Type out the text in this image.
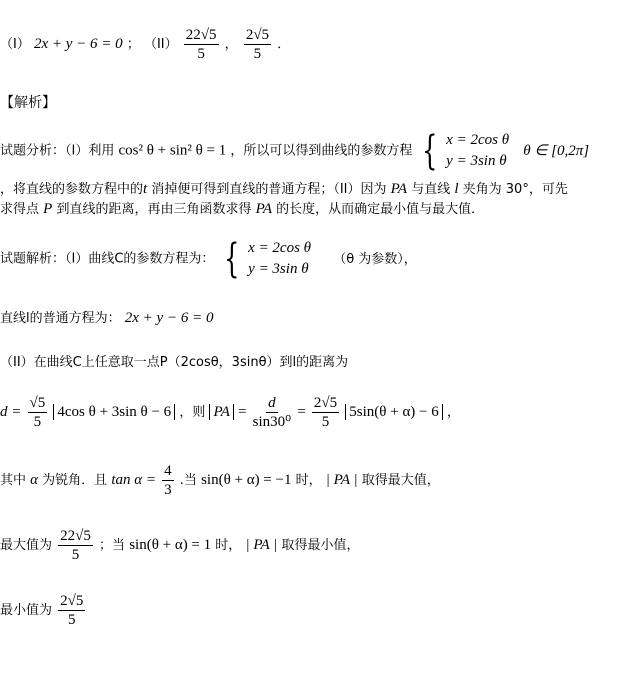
（I） 2x + y − 6 = 0 ； $(II) \frac{22√5}{5}$ ， $\frac{2√5}{5}$ ．
【解析】
试题分析：（I）利用 cos² θ + sin² θ = 1 ，所以可以得到曲线的参数方程 { x = 2cos θ
y = 3sin θ
θ ∈ [0,2π]
，将直线的参数方程中的t 消掉便可得到直线的普通方程；（II）因为 PA 与直线 l 夹角为 30°，可先
求得点 P 到直线的距离，再由三角函数求得 PA 的长度，从而确定最小值与最大值．
试题解析：（I）曲线C的参数方程为： { x = 2cos θ
y = 3sin θ
（θ 为参数），
直线l的普通方程为： 2x + y − 6 = 0
（II）在曲线C上任意取一点P（2cosθ，3sinθ）到l的距离为
$d = \frac{√5}{5} 4\cos$ θ + 3sin θ − 6 ，则 PA = $\frac{d}{\text{sin30⁰}} = \frac{2√5}{5} 5\sin(\theta + \alpha) - 6$ ，
其中 α 为锐角．且 $\tan \alpha = \frac{4}{3}$ .当 sin(θ + α) = −1 时， | PA | 取得最大值，
最大值为 $\frac{22√5}{5}$ ；当 sin(θ + α) = 1 时， | PA | 取得最小值，
最小值为 $\frac{2√5}{5}$
